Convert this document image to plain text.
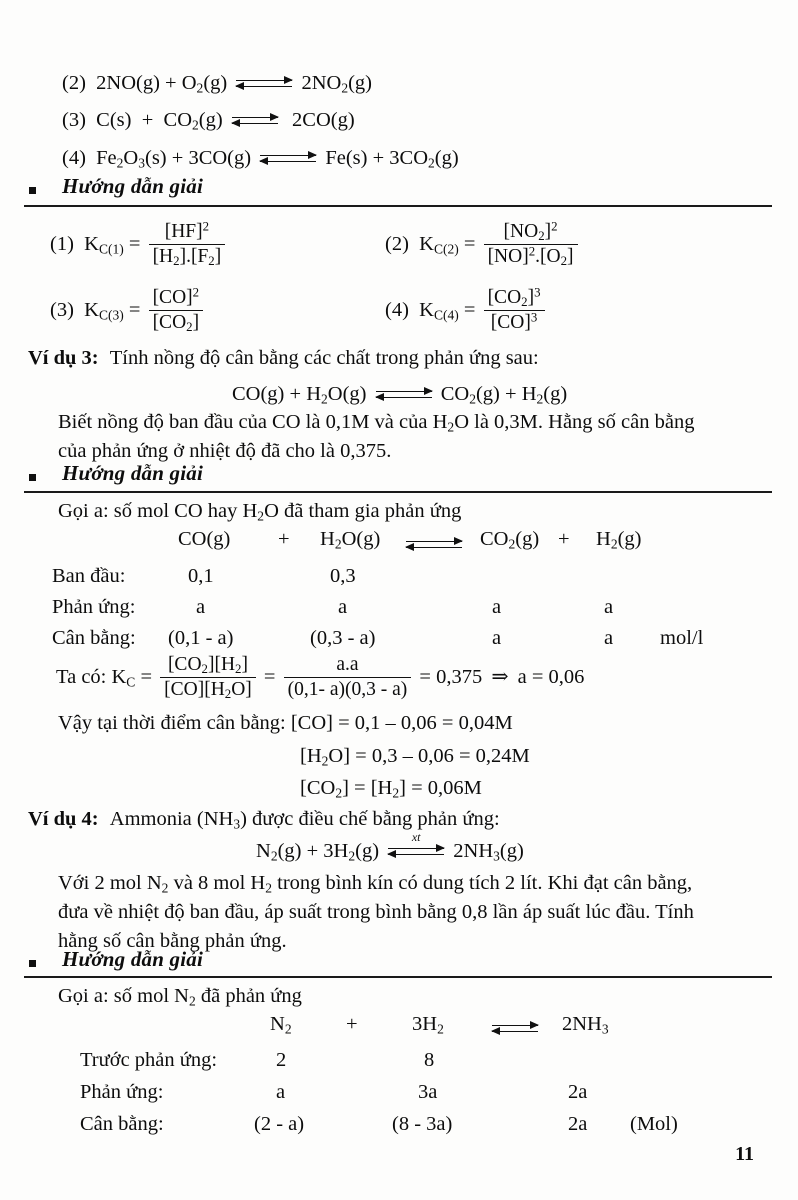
(2)  $2NO(g) + O_2(g)$	$2NO_2(g)$
(3)  $C(s) + CO_2(g)$	2CO(g)
(4)  $Fe_2O_3(s) + 3CO(g)$	$Fe(s) + 3CO_2(g)$
Hướng dẫn giải
(1)  $K_{C(1)} = \frac{[HF]^2}{[H_2].[F_2]}$	(2)  $K_{C(2)} = \frac{[NO_2]^2}{[NO]^2.[O_2]}$
(3)  $K_{C(3)} = \frac{[CO]^2}{[CO_2]}$	(4)  $K_{C(4)} = \frac{[CO_2]^3}{[CO]^3}$
Ví dụ 3: Tính nồng độ cân bằng các chất trong phản ứng sau:
$CO(g) + H_2O(g)$	$CO_2(g) + H_2(g)$
Biết nồng độ ban đầu của CO là 0,1M và của $H_2O$ là 0,3M. Hằng số cân bằng
của phản ứng ở nhiệt độ đã cho là 0,375.
Hướng dẫn giải
Gọi a: số mol CO hay $H_2O$ đã tham gia phản ứng
$CO(g) + H_2O(g)$	$CO_2(g) + H_2(g)$
Ban đầu:	0,1	0,3
Phản ứng:	a	a	a	a
Cân bằng: (0,1 - a)	(0,3 - a)	a	a mol/l
Ta có: $K_C = \frac{[CO_2][H_2]}{[CO][H_2O]} = \frac{a.a}{(0,1- a)(0,3 - a)} = 0,375$ ⇒ a = 0,06
Vậy tại thời điểm cân bằng: [CO] = 0,1 – 0,06 = 0,04M
$[H_2O] = 0,3 - 0,06 = 0,24M$
$[CO_2] = [H_2] = 0,06M$
Ví dụ 4: Ammonia $(NH_3)$ được điều chế bằng phản ứng:
$N_2(g) + 3H_2(g)$
xt
$2NH_3(g)$
Với 2 mol $N_2$ và 8 mol $H_2$ trong bình kín có dung tích 2 lít. Khi đạt cân bằng,
đưa về nhiệt độ ban đầu, áp suất trong bình bằng 0,8 lần áp suất lúc đầu. Tính
hằng số cân bằng phản ứng.
Hướng dẫn giải
Gọi a: số mol $N_2$ đã phản ứng
$N_2$	+	$3H_2$	$2NH_3$
Trước phản ứng:	2	8
Phản ứng:	a	3a	2a
Cân bằng:	(2 - a)	(8 - 3a)	2a (Mol)
11
